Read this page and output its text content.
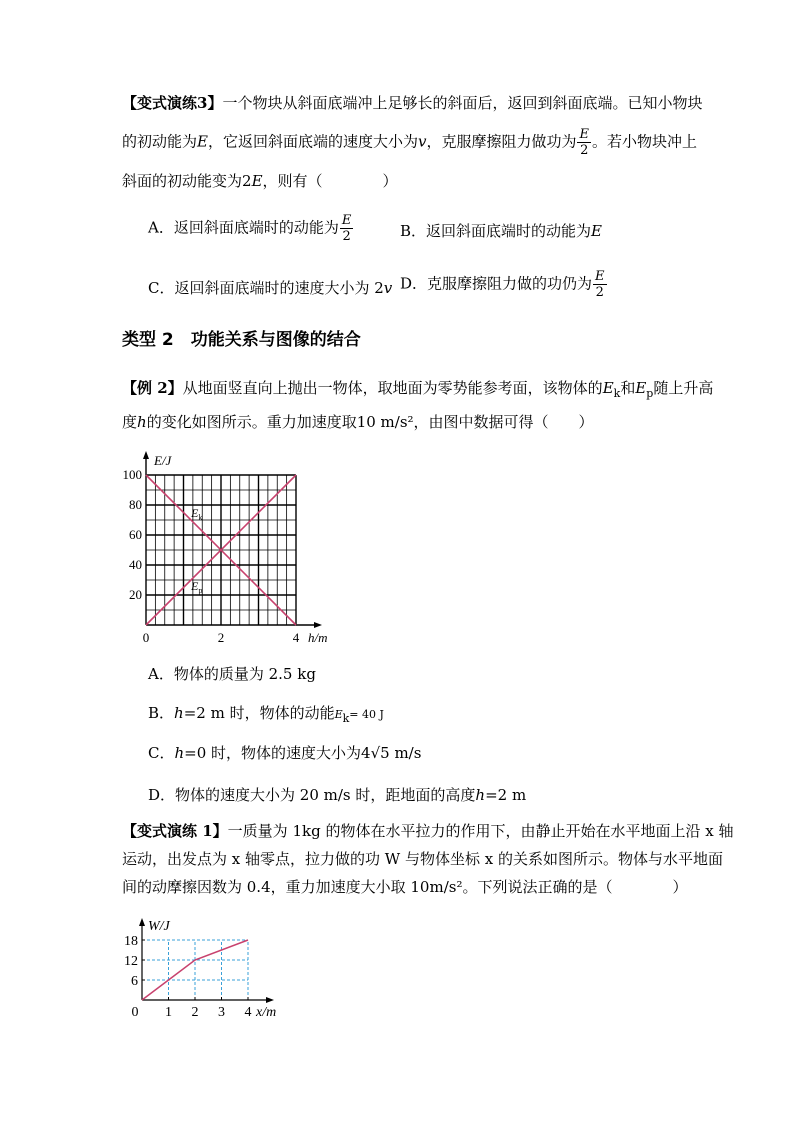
【变式演练3】一个物块从斜面底端冲上足够长的斜面后，返回到斜面底端。已知小物块
的初动能为E，它返回斜面底端的速度大小为v，克服摩擦阻力做功为 $\frac{E}{2}$ 。若小物块冲上
斜面的初动能变为2E，则有（　　　　）
A．返回斜面底端时的动能为 $\frac{E}{2}$	B．返回斜面底端时的动能为E
C．返回斜面底端时的速度大小为 2v D．克服摩擦阻力做的功仍为 $\frac{E}{2}$
类型 2　功能关系与图像的结合
【例 2】从地面竖直向上抛出一物体，取地面为零势能参考面，该物体的$E_k$和$E_p$随上升高
度h的变化如图所示。重力加速度取10 m/s²，由图中数据可得（　　）
20
40
60
80
100
0	2	4 h/m
E/J
$E_k$
$E_p$
A．物体的质量为 2.5 kg
B．h=2 m 时，物体的动能$E_k= 40$ J
C．h=0 时，物体的速度大小为4√5 m/s
D．物体的速度大小为 20 m/s 时，距地面的高度h=2 m
【变式演练 1】一质量为 1kg 的物体在水平拉力的作用下，由静止开始在水平地面上沿 x 轴
运动，出发点为 x 轴零点，拉力做的功 W 与物体坐标 x 的关系如图所示。物体与水平地面
间的动摩擦因数为 0.4，重力加速度大小取 10m/s²。下列说法正确的是（　　　　）
6
12
18
0 1 2 3 4 x/m
W/J
